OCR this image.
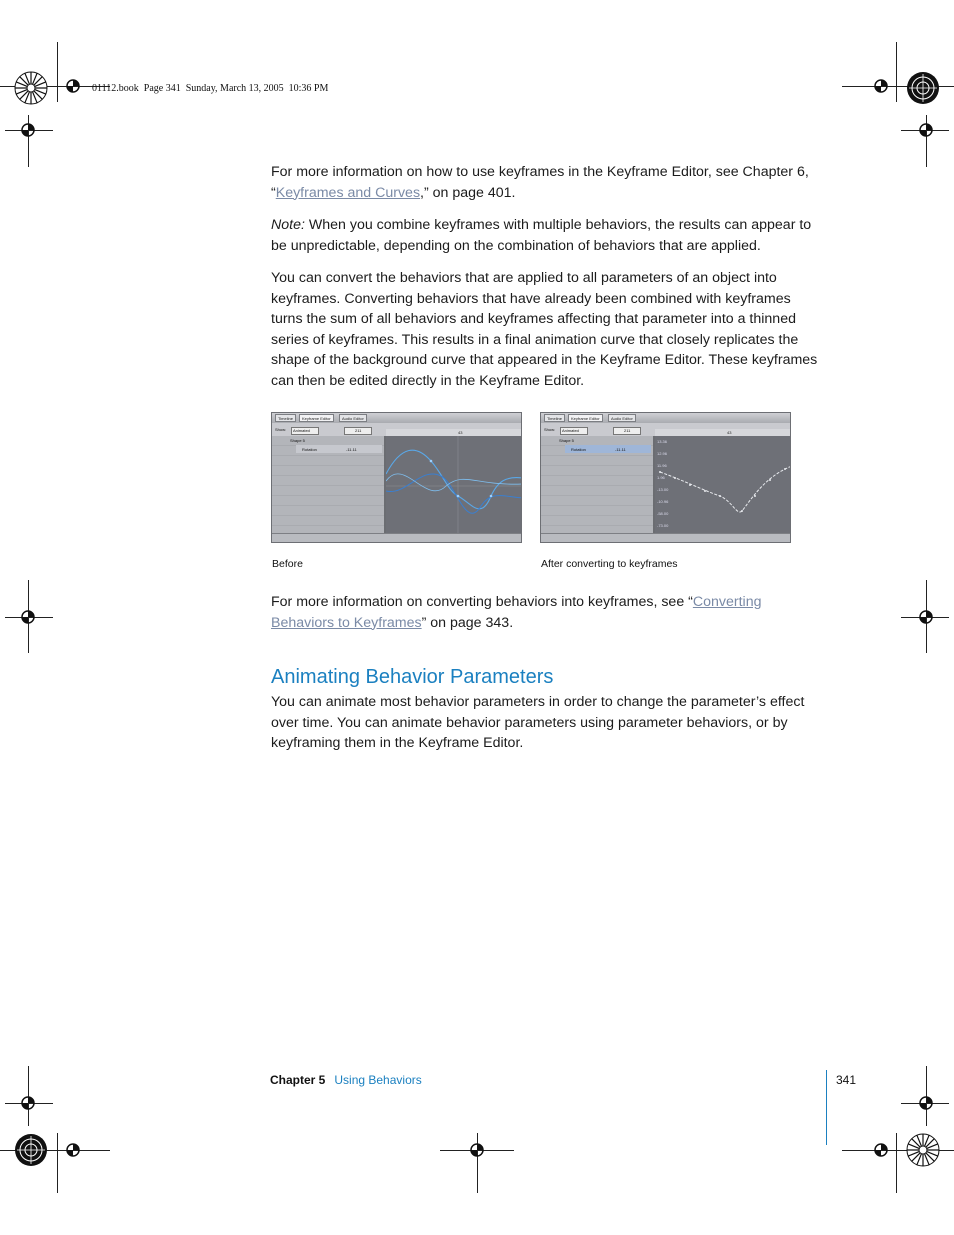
01112.book  Page 341  Sunday, March 13, 2005  10:36 PM

For more information on how to use keyframes in the Keyframe Editor, see Chapter 6, “Keyframes and Curves,” on page 401.

Note: When you combine keyframes with multiple behaviors, the results can appear to be unpredictable, depending on the combination of behaviors that are applied.

You can convert the behaviors that are applied to all parameters of an object into keyframes. Converting behaviors that have already been combined with keyframes turns the sum of all behaviors and keyframes affecting that parameter into a thinned series of keyframes. This results in a final animation curve that closely replicates the shape of the background curve that appeared in the Keyframe Editor. These keyframes can then be edited directly in the Keyframe Editor.

Timeline	Keyframe Editor	Audio Editor
Show:	Animated	211
Shape 5
Rotation	-11.11
43
Timeline	Keyframe Editor	Audio Editor
Show:	Animated	211
Shape 5
Rotation	-11.11
43
13.36
12.96
11.96
1.96
-13.00
-10.96
-58.00
-73.00
Before	After converting to keyframes

For more information on converting behaviors into keyframes, see “Converting Behaviors to Keyframes” on page 343.

Animating Behavior Parameters

You can animate most behavior parameters in order to change the parameter’s effect over time. You can animate behavior parameters using parameter behaviors, or by keyframing them in the Keyframe Editor.

Chapter 5 Using Behaviors	341
